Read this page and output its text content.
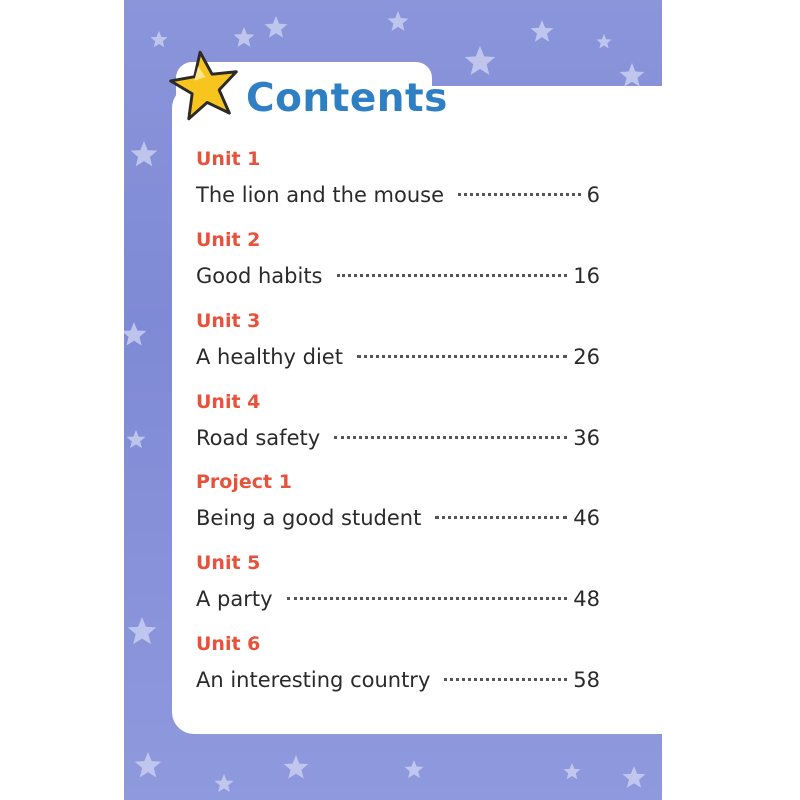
Contents
Unit 1
The lion and the mouse	6
Unit 2
Good habits	16
Unit 3
A healthy diet	26
Unit 4
Road safety	36
Project 1
Being a good student	46
Unit 5
A party	48
Unit 6
An interesting country	58
